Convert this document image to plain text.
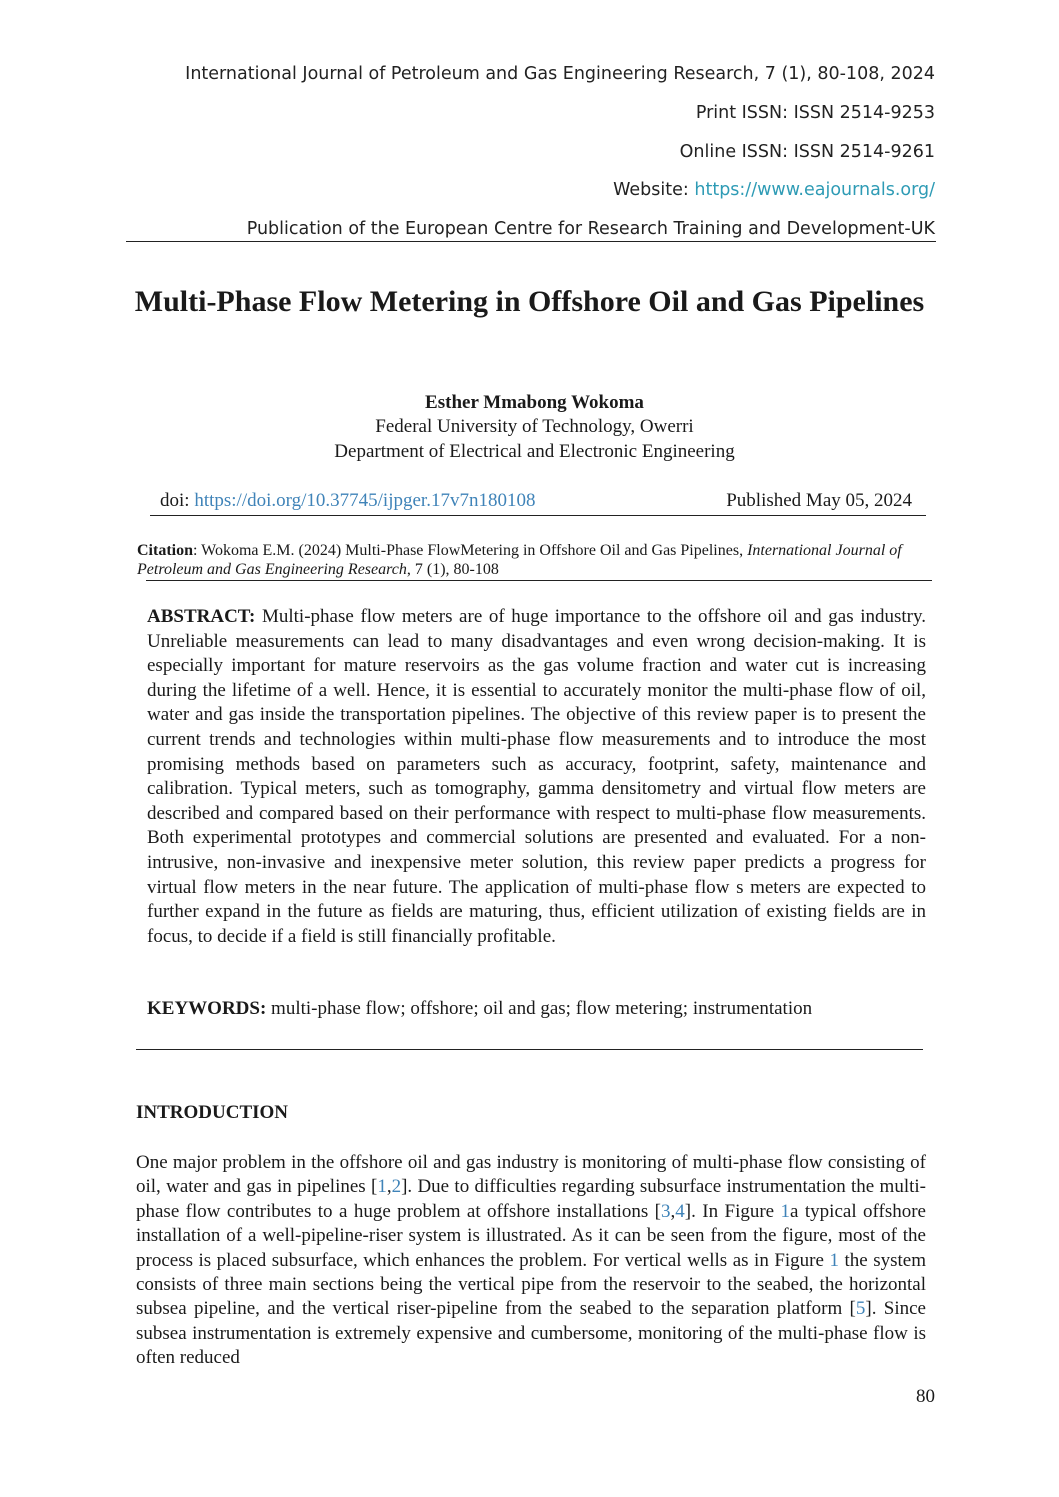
International Journal of Petroleum and Gas Engineering Research, 7 (1), 80-108, 2024
Print ISSN: ISSN 2514-9253
Online ISSN: ISSN 2514-9261
Website: https://www.eajournals.org/
Publication of the European Centre for Research Training and Development-UK
Multi-Phase Flow Metering in Offshore Oil and Gas Pipelines
Esther Mmabong Wokoma
Federal University of Technology, Owerri
Department of Electrical and Electronic Engineering
doi: https://doi.org/10.37745/ijpger.17v7n180108	Published May 05, 2024
Citation: Wokoma E.M. (2024) Multi-Phase FlowMetering in Offshore Oil and Gas Pipelines, International Journal of Petroleum and Gas Engineering Research, 7 (1), 80-108
ABSTRACT: Multi-phase flow meters are of huge importance to the offshore oil and gas industry. Unreliable measurements can lead to many disadvantages and even wrong decision-making. It is especially important for mature reservoirs as the gas volume fraction and water cut is increasing during the lifetime of a well. Hence, it is essential to accurately monitor the multi-phase flow of oil, water and gas inside the transportation pipelines. The objective of this review paper is to present the current trends and technologies within multi-phase flow measurements and to introduce the most promising methods based on parameters such as accuracy, footprint, safety, maintenance and calibration. Typical meters, such as tomography, gamma densitometry and virtual flow meters are described and compared based on their performance with respect to multi-phase flow measurements. Both experimental prototypes and commercial solutions are presented and evaluated. For a non-intrusive, non-invasive and inexpensive meter solution, this review paper predicts a progress for virtual flow meters in the near future. The application of multi-phase flow s meters are expected to further expand in the future as fields are maturing, thus, efficient utilization of existing fields are in focus, to decide if a field is still financially profitable.
KEYWORDS: multi-phase flow; offshore; oil and gas; flow metering; instrumentation
INTRODUCTION

One major problem in the offshore oil and gas industry is monitoring of multi-phase flow consisting of oil, water and gas in pipelines [1,2]. Due to difficulties regarding subsurface instrumentation the multi-phase flow contributes to a huge problem at offshore installations [3,4]. In Figure 1a typical offshore installation of a well-pipeline-riser system is illustrated. As it can be seen from the figure, most of the process is placed subsurface, which enhances the problem. For vertical wells as in Figure 1 the system consists of three main sections being the vertical pipe from the reservoir to the seabed, the horizontal subsea pipeline, and the vertical riser-pipeline from the seabed to the separation platform [5]. Since subsea instrumentation is extremely expensive and cumbersome, monitoring of the multi-phase flow is often reduced

80
